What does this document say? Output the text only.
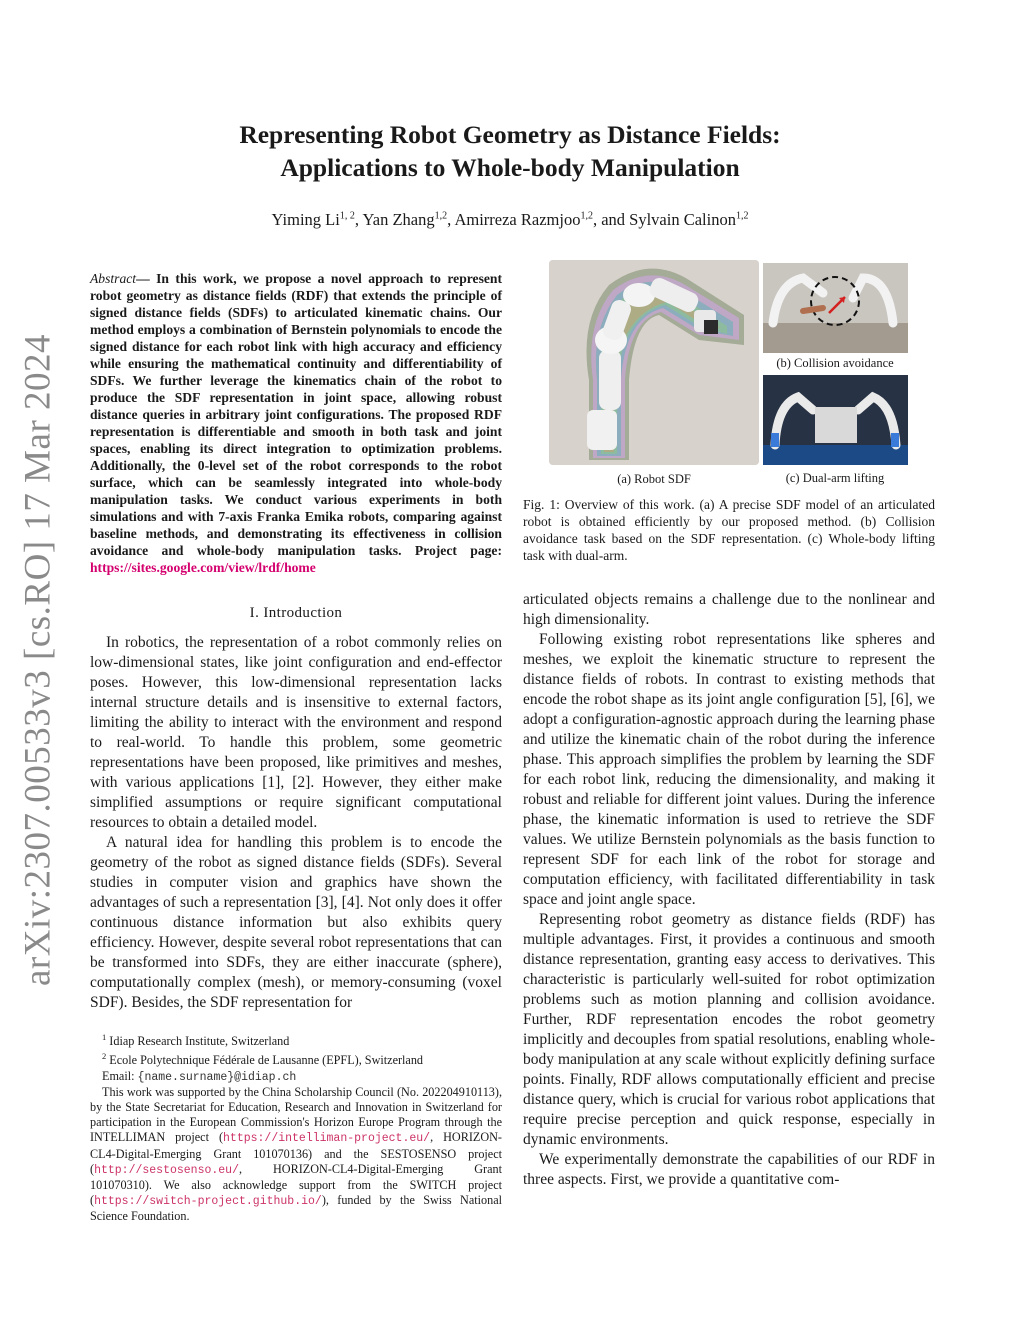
arXiv:2307.00533v3 [cs.RO] 17 Mar 2024
Representing Robot Geometry as Distance Fields:
Applications to Whole-body Manipulation
Yiming Li$^{1, 2}$, Yan Zhang$^{1,2}$, Amirreza Razmjoo$^{1,2}$, and Sylvain Calinon$^{1,2}$
Abstract— In this work, we propose a novel approach to represent robot geometry as distance fields (RDF) that extends the principle of signed distance fields (SDFs) to articulated kinematic chains. Our method employs a combination of Bernstein polynomials to encode the signed distance for each robot link with high accuracy and efficiency while ensuring the mathematical continuity and differentiability of SDFs. We further leverage the kinematics chain of the robot to produce the SDF representation in joint space, allowing robust distance queries in arbitrary joint configurations. The proposed RDF representation is differentiable and smooth in both task and joint spaces, enabling its direct integration to optimization problems. Additionally, the 0-level set of the robot corresponds to the robot surface, which can be seamlessly integrated into whole-body manipulation tasks. We conduct various experiments in both simulations and with 7-axis Franka Emika robots, comparing against baseline methods, and demonstrating its effectiveness in collision avoidance and whole-body manipulation tasks. Project page: https://sites.google.com/view/lrdf/home
I. Introduction

In robotics, the representation of a robot commonly relies on low-dimensional states, like joint configuration and end-effector poses. However, this low-dimensional representation lacks internal structure details and is insensitive to external factors, limiting the ability to interact with the environment and respond to real-world. To handle this problem, some geometric representations have been proposed, like primitives and meshes, with various applications [1], [2]. However, they either make simplified assumptions or require significant computational resources to obtain a detailed model.

A natural idea for handling this problem is to encode the geometry of the robot as signed distance fields (SDFs). Several studies in computer vision and graphics have shown the advantages of such a representation [3], [4]. Not only does it offer continuous distance information but also exhibits query efficiency. However, despite several robot representations that can be transformed into SDFs, they are either inaccurate (sphere), computationally complex (mesh), or memory-consuming (voxel SDF). Besides, the SDF representation for

$^1$ Idiap Research Institute, Switzerland

$^2$ Ecole Polytechnique Fédérale de Lausanne (EPFL), Switzerland

Email: {name.surname}@idiap.ch

This work was supported by the China Scholarship Council (No. 202204910113), by the State Secretariat for Education, Research and Innovation in Switzerland for participation in the European Commission's Horizon Europe Program through the INTELLIMAN project (https://intelliman-project.eu/, HORIZON-CL4-Digital-Emerging Grant 101070136) and the SESTOSENSO project (http://sestosenso.eu/, HORIZON-CL4-Digital-Emerging Grant 101070310). We also acknowledge support from the SWITCH project (https://switch-project.github.io/), funded by the Swiss National Science Foundation.

(a) Robot SDF
(b) Collision avoidance
(c) Dual-arm lifting
Fig. 1: Overview of this work. (a) A precise SDF model of an articulated robot is obtained efficiently by our proposed method. (b) Collision avoidance task based on the SDF representation. (c) Whole-body lifting task with dual-arm.

articulated objects remains a challenge due to the nonlinear and high dimensionality.

Following existing robot representations like spheres and meshes, we exploit the kinematic structure to represent the distance fields of robots. In contrast to existing methods that encode the robot shape as its joint angle configuration [5], [6], we adopt a configuration-agnostic approach during the learning phase and utilize the kinematic chain of the robot during the inference phase. This approach simplifies the problem by learning the SDF for each robot link, reducing the dimensionality, and making it robust and reliable for different joint values. During the inference phase, the kinematic information is used to retrieve the SDF values. We utilize Bernstein polynomials as the basis function to represent SDF for each link of the robot for storage and computation efficiency, with facilitated differentiability in task space and joint angle space.

Representing robot geometry as distance fields (RDF) has multiple advantages. First, it provides a continuous and smooth distance representation, granting easy access to derivatives. This characteristic is particularly well-suited for robot optimization problems such as motion planning and collision avoidance. Further, RDF representation encodes the robot geometry implicitly and decouples from spatial resolutions, enabling whole-body manipulation at any scale without explicitly defining surface points. Finally, RDF allows computationally efficient and precise distance query, which is crucial for various robot applications that require precise perception and quick response, especially in dynamic environments.

We experimentally demonstrate the capabilities of our RDF in three aspects. First, we provide a quantitative com-
